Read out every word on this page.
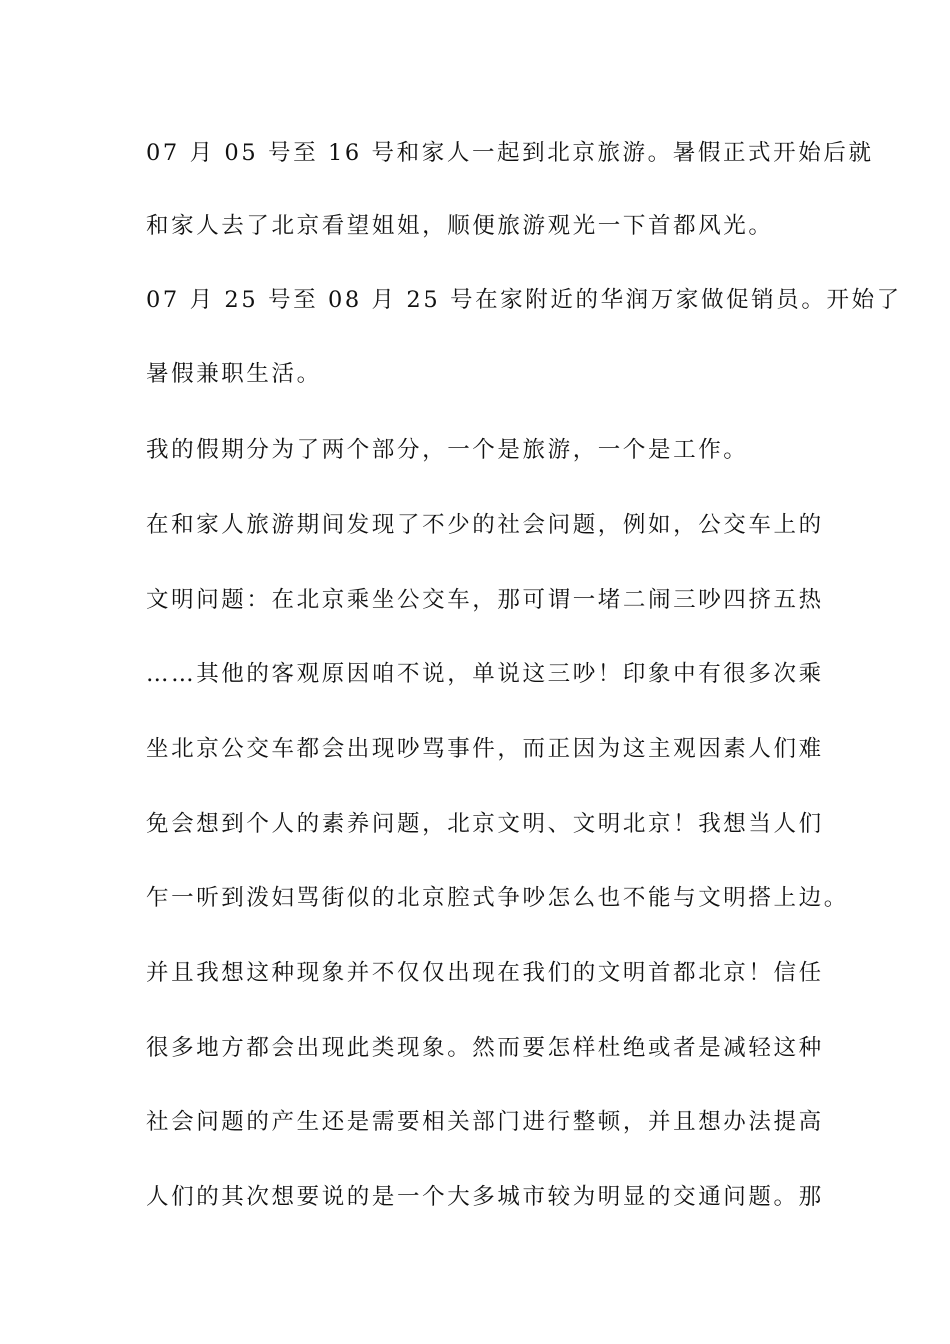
07 月 05 号至 16 号和家人一起到北京旅游。暑假正式开始后就
和家人去了北京看望姐姐，顺便旅游观光一下首都风光。
07 月 25 号至 08 月 25 号在家附近的华润万家做促销员。开始了
暑假兼职生活。
我的假期分为了两个部分，一个是旅游，一个是工作。
在和家人旅游期间发现了不少的社会问题，例如，公交车上的
文明问题：在北京乘坐公交车，那可谓一堵二闹三吵四挤五热
……其他的客观原因咱不说，单说这三吵！印象中有很多次乘
坐北京公交车都会出现吵骂事件，而正因为这主观因素人们难
免会想到个人的素养问题，北京文明、文明北京！我想当人们
乍一听到泼妇骂街似的北京腔式争吵怎么也不能与文明搭上边。
并且我想这种现象并不仅仅出现在我们的文明首都北京！信任
很多地方都会出现此类现象。然而要怎样杜绝或者是减轻这种
社会问题的产生还是需要相关部门进行整顿，并且想办法提高
人们的其次想要说的是一个大多城市较为明显的交通问题。那
